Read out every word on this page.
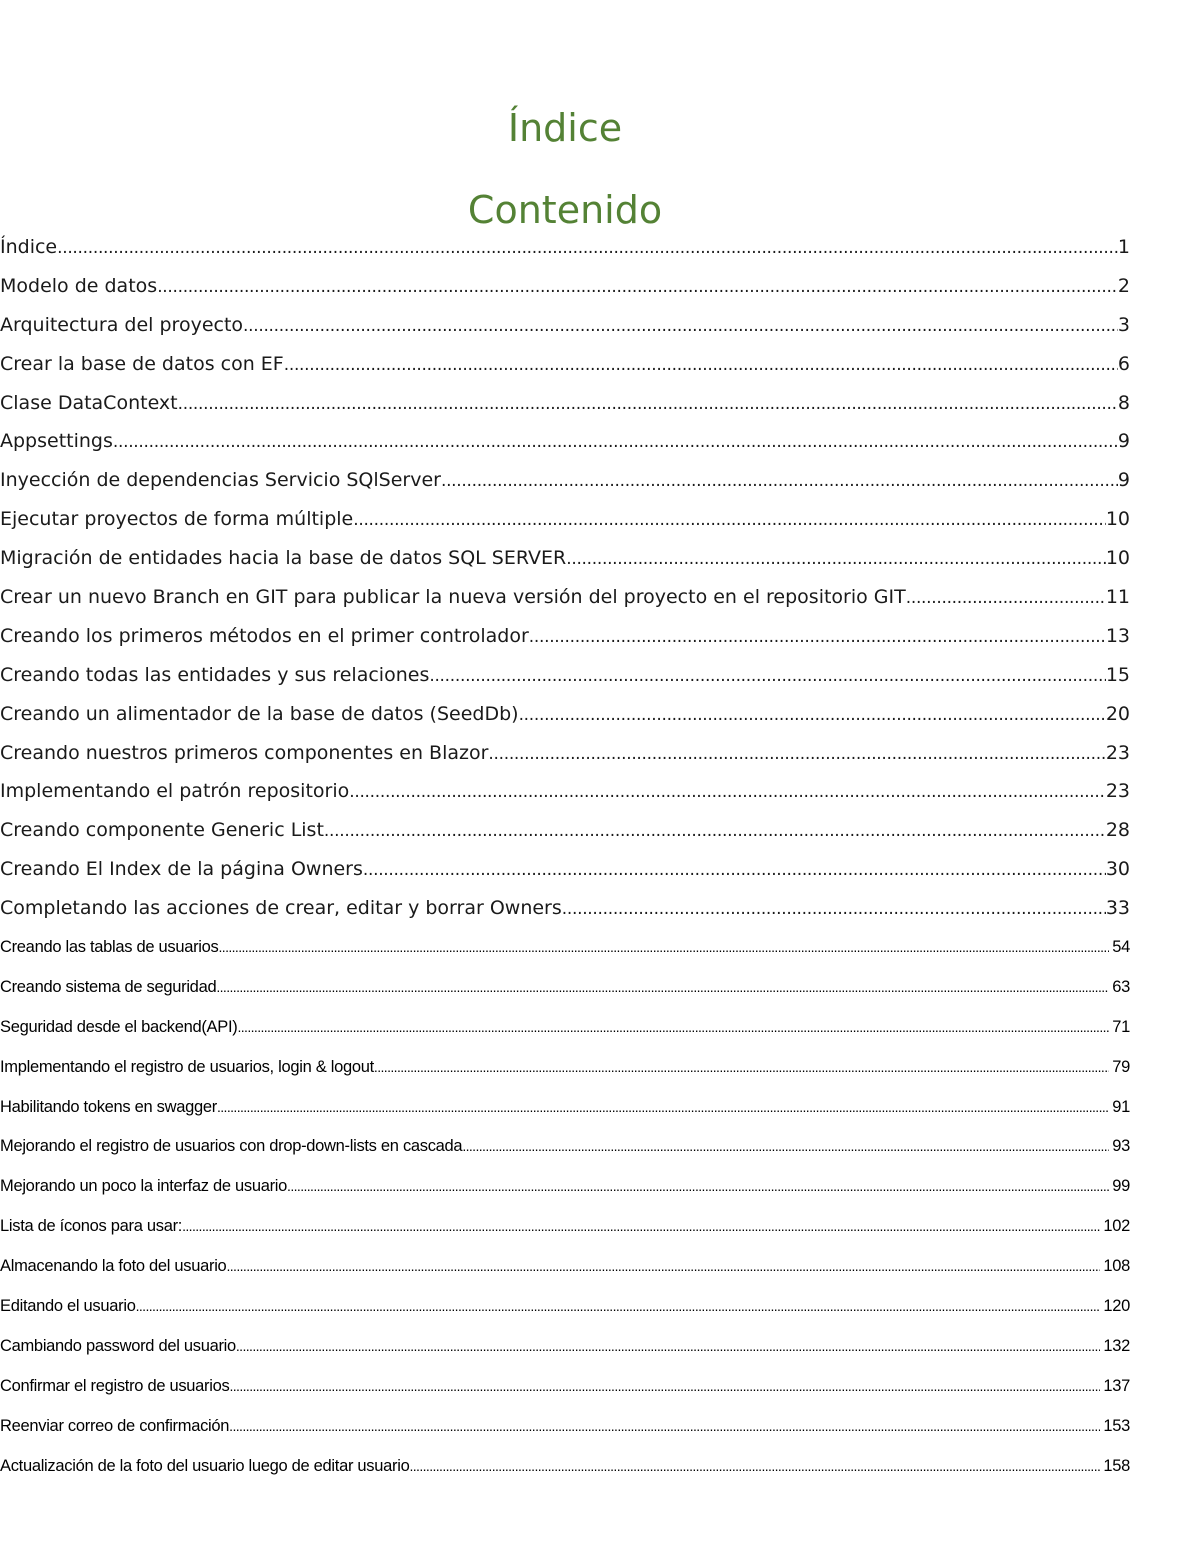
Índice
Contenido
Índice .....	1
Modelo de datos .....	2
Arquitectura del proyecto .....	3
Crear la base de datos con EF .....	6
Clase DataContext .....	8
Appsettings .....	9
Inyección de dependencias Servicio SQlServer .....	9
Ejecutar proyectos de forma múltiple .....	10
Migración de entidades hacia la base de datos SQL SERVER .....	10
Crear un nuevo Branch en GIT para publicar la nueva versión del proyecto en el repositorio GIT .....	11
Creando los primeros métodos en el primer controlador .....	13
Creando todas las entidades y sus relaciones .....	15
Creando un alimentador de la base de datos (SeedDb) .....	20
Creando nuestros primeros componentes en Blazor .....	23
Implementando el patrón repositorio .....	23
Creando componente Generic List .....	28
Creando El Index de la página Owners .....	30
Completando las acciones de crear, editar y borrar Owners .....	33
Creando las tablas de usuarios .....	54
Creando sistema de seguridad .....	63
Seguridad desde el backend(API) .....	71
Implementando el registro de usuarios, login & logout .....	79
Habilitando tokens en swagger .....	91
Mejorando el registro de usuarios con drop-down-lists en cascada .....	93
Mejorando un poco la interfaz de usuario .....	99
Lista de íconos para usar: .....	102
Almacenando la foto del usuario .....	108
Editando el usuario .....	120
Cambiando password del usuario .....	132
Confirmar el registro de usuarios .....	137
Reenviar correo de confirmación .....	153
Actualización de la foto del usuario luego de editar usuario .....	158
